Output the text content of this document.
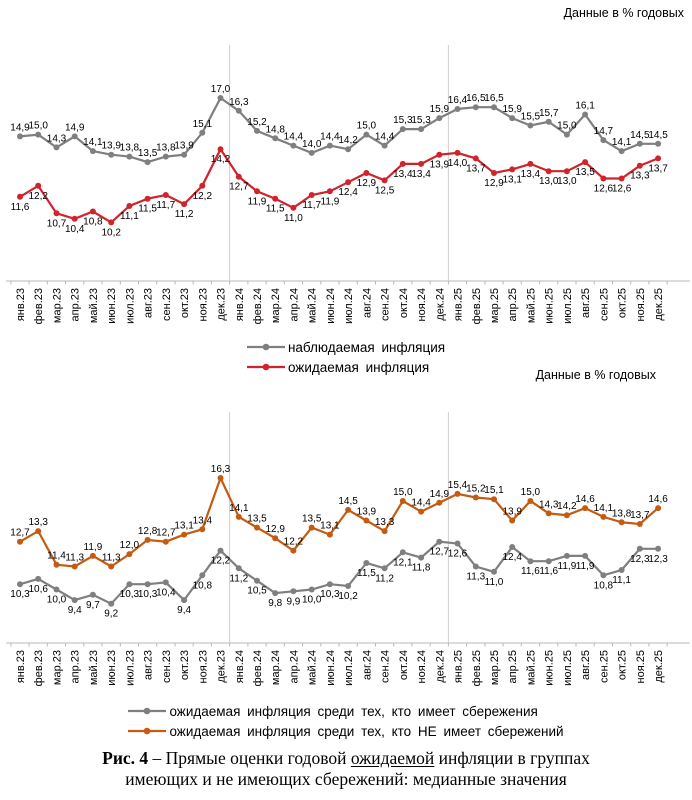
Данные в % годовых
янв.23 фев.23 мар.23 апр.23 май.23 июн.23 июл.23 авг.23 сен.23 окт.23 ноя.23 дек.23 янв.24 фев.24 мар.24 апр.24 май.24 июн.24 июл.24 авг.24 сен.24 окт.24 ноя.24 дек.24 янв.25 фев.25 мар.25 апр.25 май.25 июн.25 июл.25 авг.25 сен.25 окт.25 ноя.25 дек.25
14,9
15,0
14,3
14,9
14,1
13,9
13,8
13,5
13,8
13,9
15,1
17,0
16,3
15,2
14,8
14,4
14,0
14,4
14,2
15,0
14,4
15,3
15,3
15,9
16,4
16,5
16,5
15,9
15,5
15,7
15,0
16,1
14,7
14,1
14,5
14,5
11,6
12,2
10,7
10,4
10,8
10,2
11,1
11,5 11,7
11,2
12,2
14,2
12,7
11,9
11,5
11,0
11,7 11,9
12,4
12,9
12,5
13,4
13,4
13,9
14,0
13,7
12,9
13,1
13,4
13,0
13,0
13,5
12,6
12,6
13,3
13,7
наблюдаемая инфляция
ожидаемая инфляция
Данные в % годовых
янв.23 фев.23 мар.23 апр.23 май.23 июн.23 июл.23 авг.23 сен.23 окт.23 ноя.23 дек.23 янв.24 фев.24 мар.24 апр.24 май.24 июн.24 июл.24 авг.24 сен.24 окт.24 ноя.24 дек.24 янв.25 фев.25 мар.25 апр.25 май.25 июн.25 июл.25 авг.25 сен.25 окт.25 ноя.25 дек.25
10,3
10,6
10,0
9,4 9,7
9,2
10,3
10,3
10,4
9,4
10,8
12,2
11,2
10,5
9,8 9,9 10,0
10,3
10,2
11,5 11,2
12,1 11,8
12,7
12,6
11,3 11,0
12,4
11,6 11,6 11,9 11,9
10,8 11,1
12,3
12,3
12,7
13,3
11,4 11,3
11,9
11,3
12,0
12,8
12,7
13,1
13,4
16,3
14,1
13,5
12,9
12,2
13,5
13,1
14,5
13,9
13,3
15,0
14,4
14,9
15,4
15,2
15,1
13,9
15,0
14,3
14,2
14,6
14,1
13,8
13,7
14,6
ожидаемая инфляция среди тех, кто имеет сбережения
ожидаемая инфляция среди тех, кто НЕ имеет сбережений
Рис. 4 – Прямые оценки годовой ожидаемой инфляции в группах
имеющих и не имеющих сбережений: медианные значения
